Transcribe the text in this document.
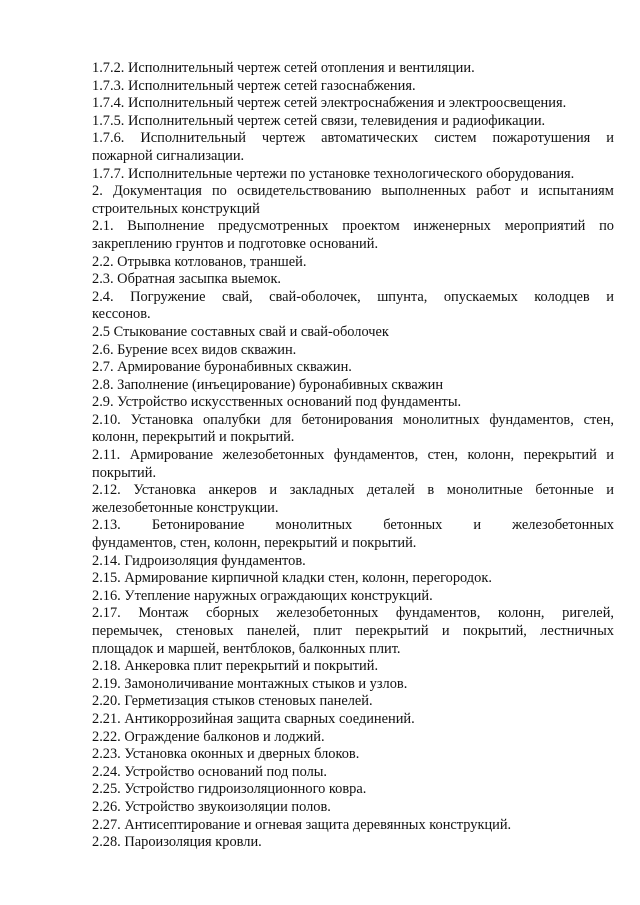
1.7.2. Исполнительный чертеж сетей отопления и вентиляции.
1.7.3. Исполнительный чертеж сетей газоснабжения.
1.7.4. Исполнительный чертеж сетей электроснабжения и электроосвещения.
1.7.5. Исполнительный чертеж сетей связи, телевидения и радиофикации.
1.7.6. Исполнительный чертеж автоматических систем пожаротушения и
пожарной сигнализации.
1.7.7. Исполнительные чертежи по установке технологического оборудования.
2. Документация по освидетельствованию выполненных работ и испытаниям
строительных конструкций
2.1. Выполнение предусмотренных проектом инженерных мероприятий по
закреплению грунтов и подготовке оснований.
2.2. Отрывка котлованов, траншей.
2.3. Обратная засыпка выемок.
2.4. Погружение свай, свай-оболочек, шпунта, опускаемых колодцев и
кессонов.
2.5 Стыкование составных свай и свай-оболочек
2.6. Бурение всех видов скважин.
2.7. Армирование буронабивных скважин.
2.8. Заполнение (инъецирование) буронабивных скважин
2.9. Устройство искусственных оснований под фундаменты.
2.10. Установка опалубки для бетонирования монолитных фундаментов, стен,
колонн, перекрытий и покрытий.
2.11. Армирование железобетонных фундаментов, стен, колонн, перекрытий и
покрытий.
2.12. Установка анкеров и закладных деталей в монолитные бетонные и
железобетонные конструкции.
2.13. Бетонирование монолитных бетонных и железобетонных
фундаментов, стен, колонн, перекрытий и покрытий.
2.14. Гидроизоляция фундаментов.
2.15. Армирование кирпичной кладки стен, колонн, перегородок.
2.16. Утепление наружных ограждающих конструкций.
2.17. Монтаж сборных железобетонных фундаментов, колонн, ригелей,
перемычек, стеновых панелей, плит перекрытий и покрытий, лестничных
площадок и маршей, вентблоков, балконных плит.
2.18. Анкеровка плит перекрытий и покрытий.
2.19. Замоноличивание монтажных стыков и узлов.
2.20. Герметизация стыков стеновых панелей.
2.21. Антикоррозийная защита сварных соединений.
2.22. Ограждение балконов и лоджий.
2.23. Установка оконных и дверных блоков.
2.24. Устройство оснований под полы.
2.25. Устройство гидроизоляционного ковра.
2.26. Устройство звукоизоляции полов.
2.27. Антисептирование и огневая защита деревянных конструкций.
2.28. Пароизоляция кровли.
